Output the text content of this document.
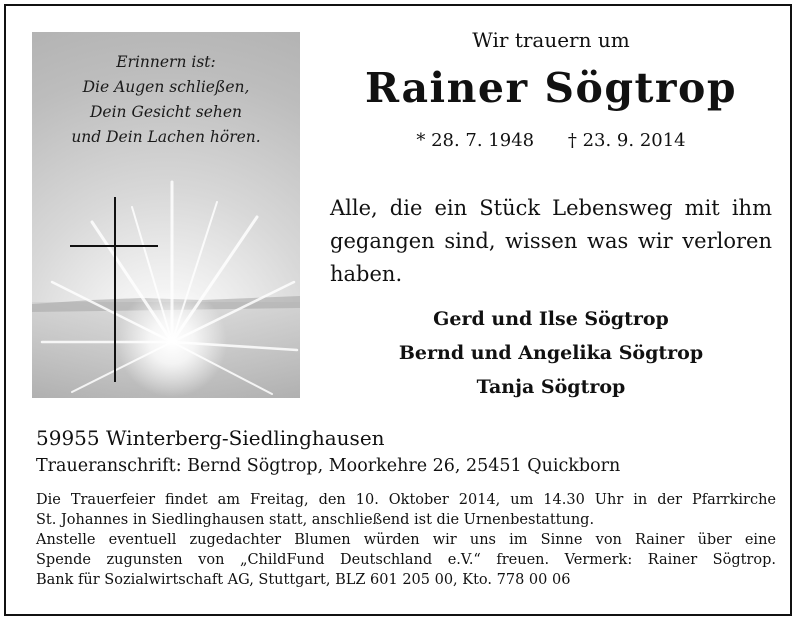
Erinnern ist:
Die Augen schließen,
Dein Gesicht sehen
und Dein Lachen hören.
Wir trauern um
Rainer Sögtrop
* 28. 7. 1948 † 23. 9. 2014
Alle, die ein Stück Lebensweg mit ihm gegangen sind, wissen was wir verloren haben.
Gerd und Ilse Sögtrop
Bernd und Angelika Sögtrop
Tanja Sögtrop
59955 Winterberg-Siedlinghausen
Traueranschrift: Bernd Sögtrop, Moorkehre 26, 25451 Quickborn
Die Trauerfeier findet am Freitag, den 10. Oktober 2014, um 14.30 Uhr in der Pfarrkirche
St. Johannes in Siedlinghausen statt, anschließend ist die Urnenbestattung.
Anstelle eventuell zugedachter Blumen würden wir uns im Sinne von Rainer über eine
Spende zugunsten von „ChildFund Deutschland e.V.“ freuen. Vermerk: Rainer Sögtrop.
Bank für Sozialwirtschaft AG, Stuttgart, BLZ 601 205 00, Kto. 778 00 06
